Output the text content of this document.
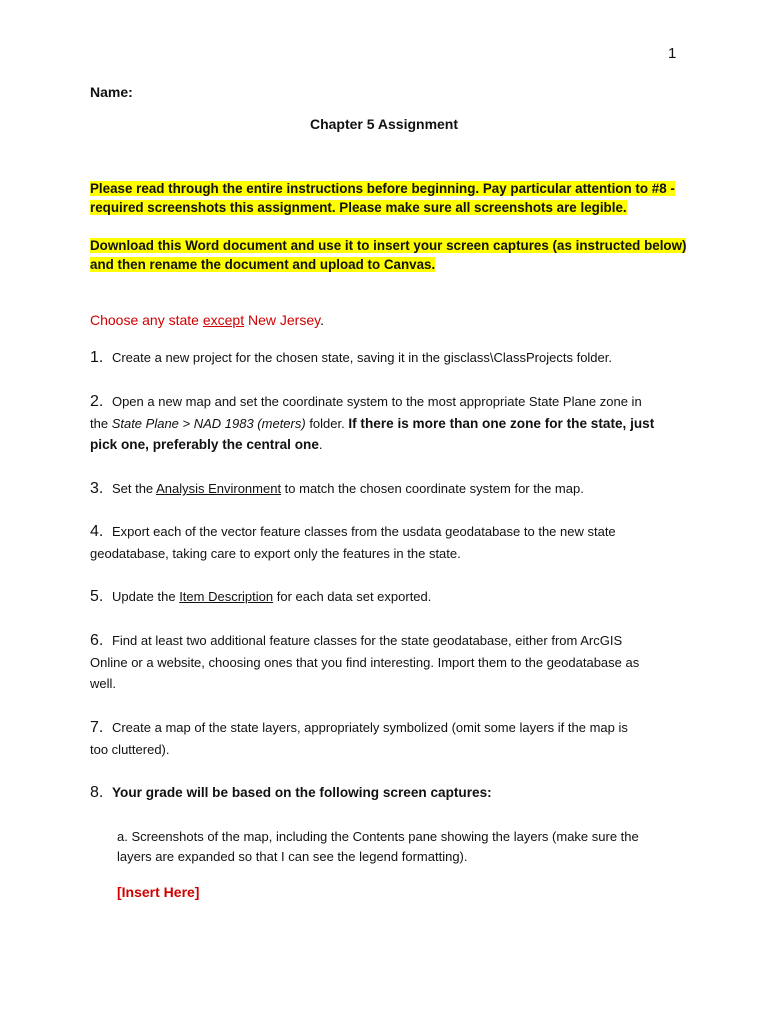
1
Name:
Chapter 5 Assignment
Please read through the entire instructions before beginning. Pay particular attention to #8 -
required screenshots this assignment. Please make sure all screenshots are legible.
Download this Word document and use it to insert your screen captures (as instructed below)
and then rename the document and upload to Canvas.
Choose any state except New Jersey.
1. Create a new project for the chosen state, saving it in the gisclass\ClassProjects folder.
2. Open a new map and set the coordinate system to the most appropriate State Plane zone in
the State Plane > NAD 1983 (meters) folder. If there is more than one zone for the state, just
pick one, preferably the central one.
3. Set the Analysis Environment to match the chosen coordinate system for the map.
4. Export each of the vector feature classes from the usdata geodatabase to the new state
geodatabase, taking care to export only the features in the state.
5. Update the Item Description for each data set exported.
6. Find at least two additional feature classes for the state geodatabase, either from ArcGIS
Online or a website, choosing ones that you find interesting. Import them to the geodatabase as
well.
7. Create a map of the state layers, appropriately symbolized (omit some layers if the map is
too cluttered).
8. Your grade will be based on the following screen captures:
a. Screenshots of the map, including the Contents pane showing the layers (make sure the
layers are expanded so that I can see the legend formatting).
[Insert Here]
